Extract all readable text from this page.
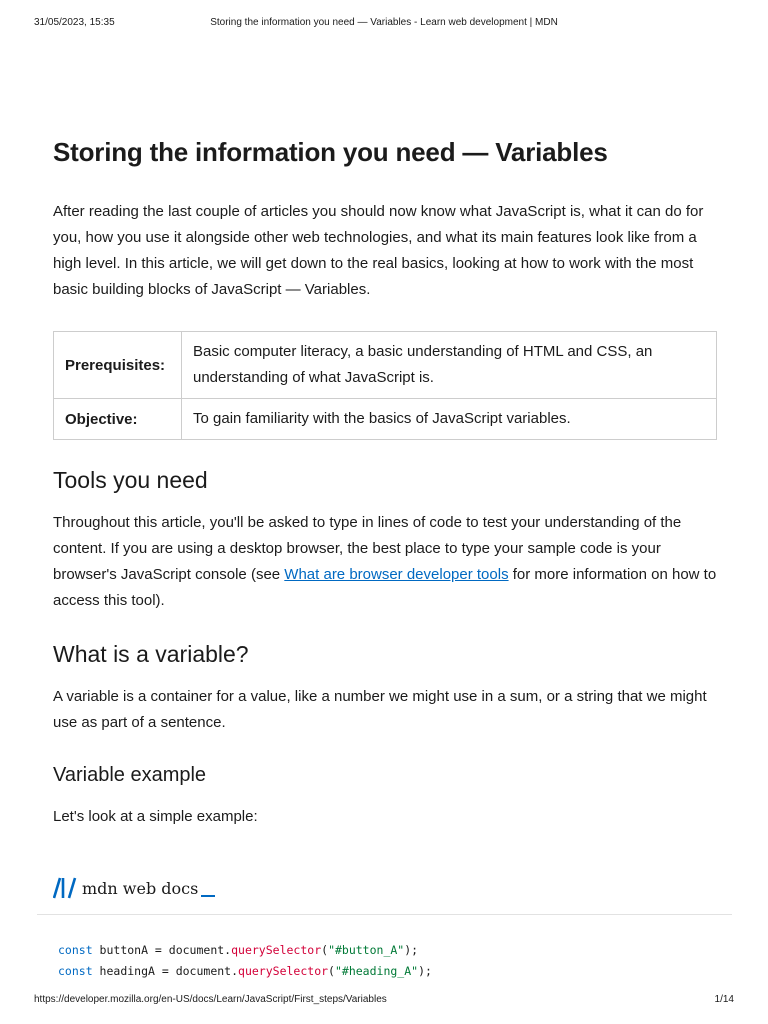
31/05/2023, 15:35	Storing the information you need — Variables - Learn web development | MDN
Storing the information you need — Variables

After reading the last couple of articles you should now know what JavaScript is, what it can do for you, how you use it alongside other web technologies, and what its main features look like from a high level. In this article, we will get down to the real basics, looking at how to work with the most basic building blocks of JavaScript — Variables.

Prerequisites:	Basic computer literacy, a basic understanding of HTML and CSS, an understanding of what JavaScript is.
Objective:	To gain familiarity with the basics of JavaScript variables.
Tools you need

Throughout this article, you'll be asked to type in lines of code to test your understanding of the content. If you are using a desktop browser, the best place to type your sample code is your browser's JavaScript console (see What are browser developer tools for more information on how to access this tool).

What is a variable?

A variable is a container for a value, like a number we might use in a sum, or a string that we might use as part of a sentence.

Variable example

Let's look at a simple example:

mdn web docs
const buttonA = document.querySelector("#button_A");
const headingA = document.querySelector("#heading_A");
https://developer.mozilla.org/en-US/docs/Learn/JavaScript/First_steps/Variables	1/14
